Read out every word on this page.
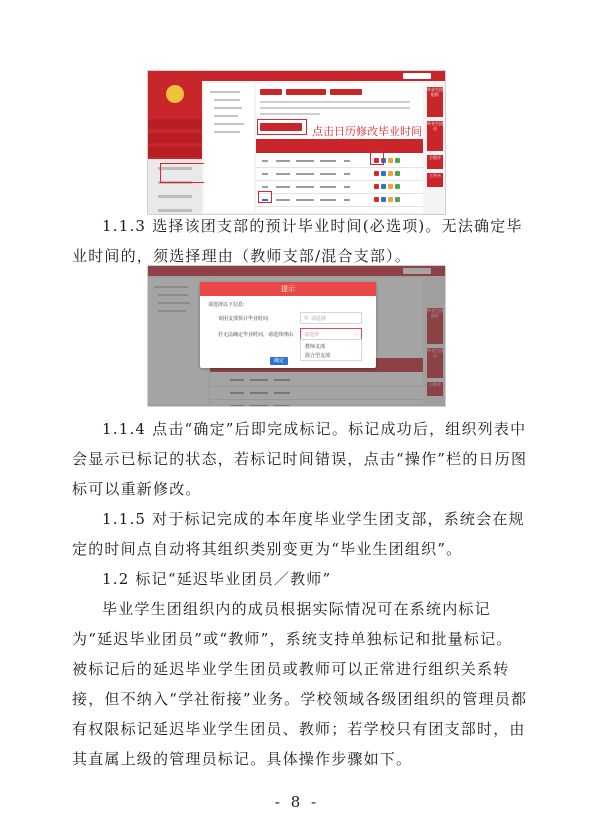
点击日历修改毕业时间
毕业生团组织
毕业生团员
小程序
工作台

1.1.3 选择该团支部的预计毕业时间(必选项)。无法确定毕业时间的，须选择理由（教师支部/混合支部）。

提示
请选择以下信息:
该团支部预计毕业时间	◷ 请选择
若无法确定毕业时间，请选择理由 请选择	⌄
教师支部
混合型支部
确定

1.1.4 点击“确定”后即完成标记。标记成功后，组织列表中会显示已标记的状态，若标记时间错误，点击“操作”栏的日历图标可以重新修改。

1.1.5 对于标记完成的本年度毕业学生团支部，系统会在规定的时间点自动将其组织类别变更为“毕业生团组织”。

1.2 标记“延迟毕业团员／教师”

毕业学生团组织内的成员根据实际情况可在系统内标记为“延迟毕业团员”或“教师”，系统支持单独标记和批量标记。被标记后的延迟毕业学生团员或教师可以正常进行组织关系转接，但不纳入“学社衔接”业务。学校领域各级团组织的管理员都有权限标记延迟毕业学生团员、教师；若学校只有团支部时，由其直属上级的管理员标记。具体操作步骤如下。

- 8 -
